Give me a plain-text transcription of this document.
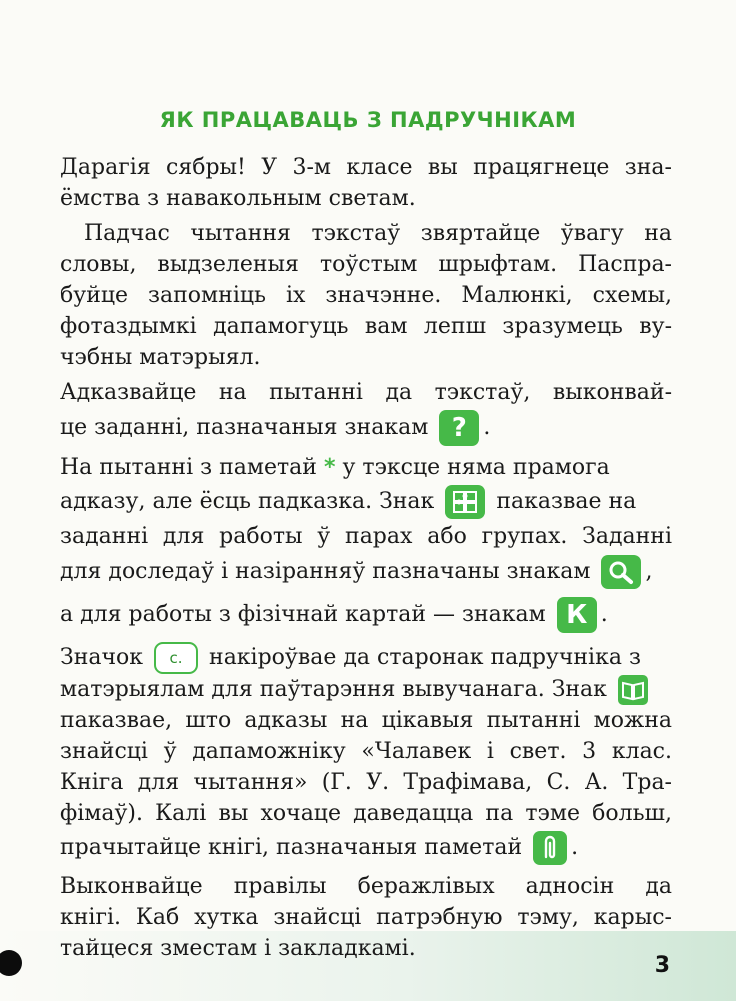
ЯК ПРАЦАВАЦЬ З ПАДРУЧНІКАМ
Дарагія сябры! У 3-м класе вы працягнеце зна-
ёмства з навакольным светам.
Падчас чытання тэкстаў звяртайце ўвагу на
словы, выдзеленыя тоўстым шрыфтам. Паспра-
буйце запомніць іх значэнне. Малюнкі, схемы,
фотаздымкі дапамогуць вам лепш зразумець ву-
чэбны матэрыял.
Адказвайце на пытанні да тэкстаў, выконвай-
це заданні, пазначаныя знакам ? .
На пытанні з паметай * у тэксце няма прамога
адказу, але ёсць падказка. Знак	паказвае на
заданні для работы ў парах або групах. Заданні
для доследаў і назіранняў пазначаны знакам	,
а для работы з фізічнай картай — знакам К .
Значок с. накіроўвае да старонак падручніка з
матэрыялам для паўтарэння вывучанага. Знак
паказвае, што адказы на цікавыя пытанні можна
знайсці ў дапаможніку «Чалавек і свет. 3 клас.
Кніга для чытання» (Г. У. Трафімава, С. А. Тра-
фімаў). Калі вы хочаце даведацца па тэме больш,
прачытайце кнігі, пазначаныя паметай .
Выконвайце правілы беражлівых адносін да
кнігі. Каб хутка знайсці патрэбную тэму, карыс-
тайцеся зместам і закладкамі.
3
